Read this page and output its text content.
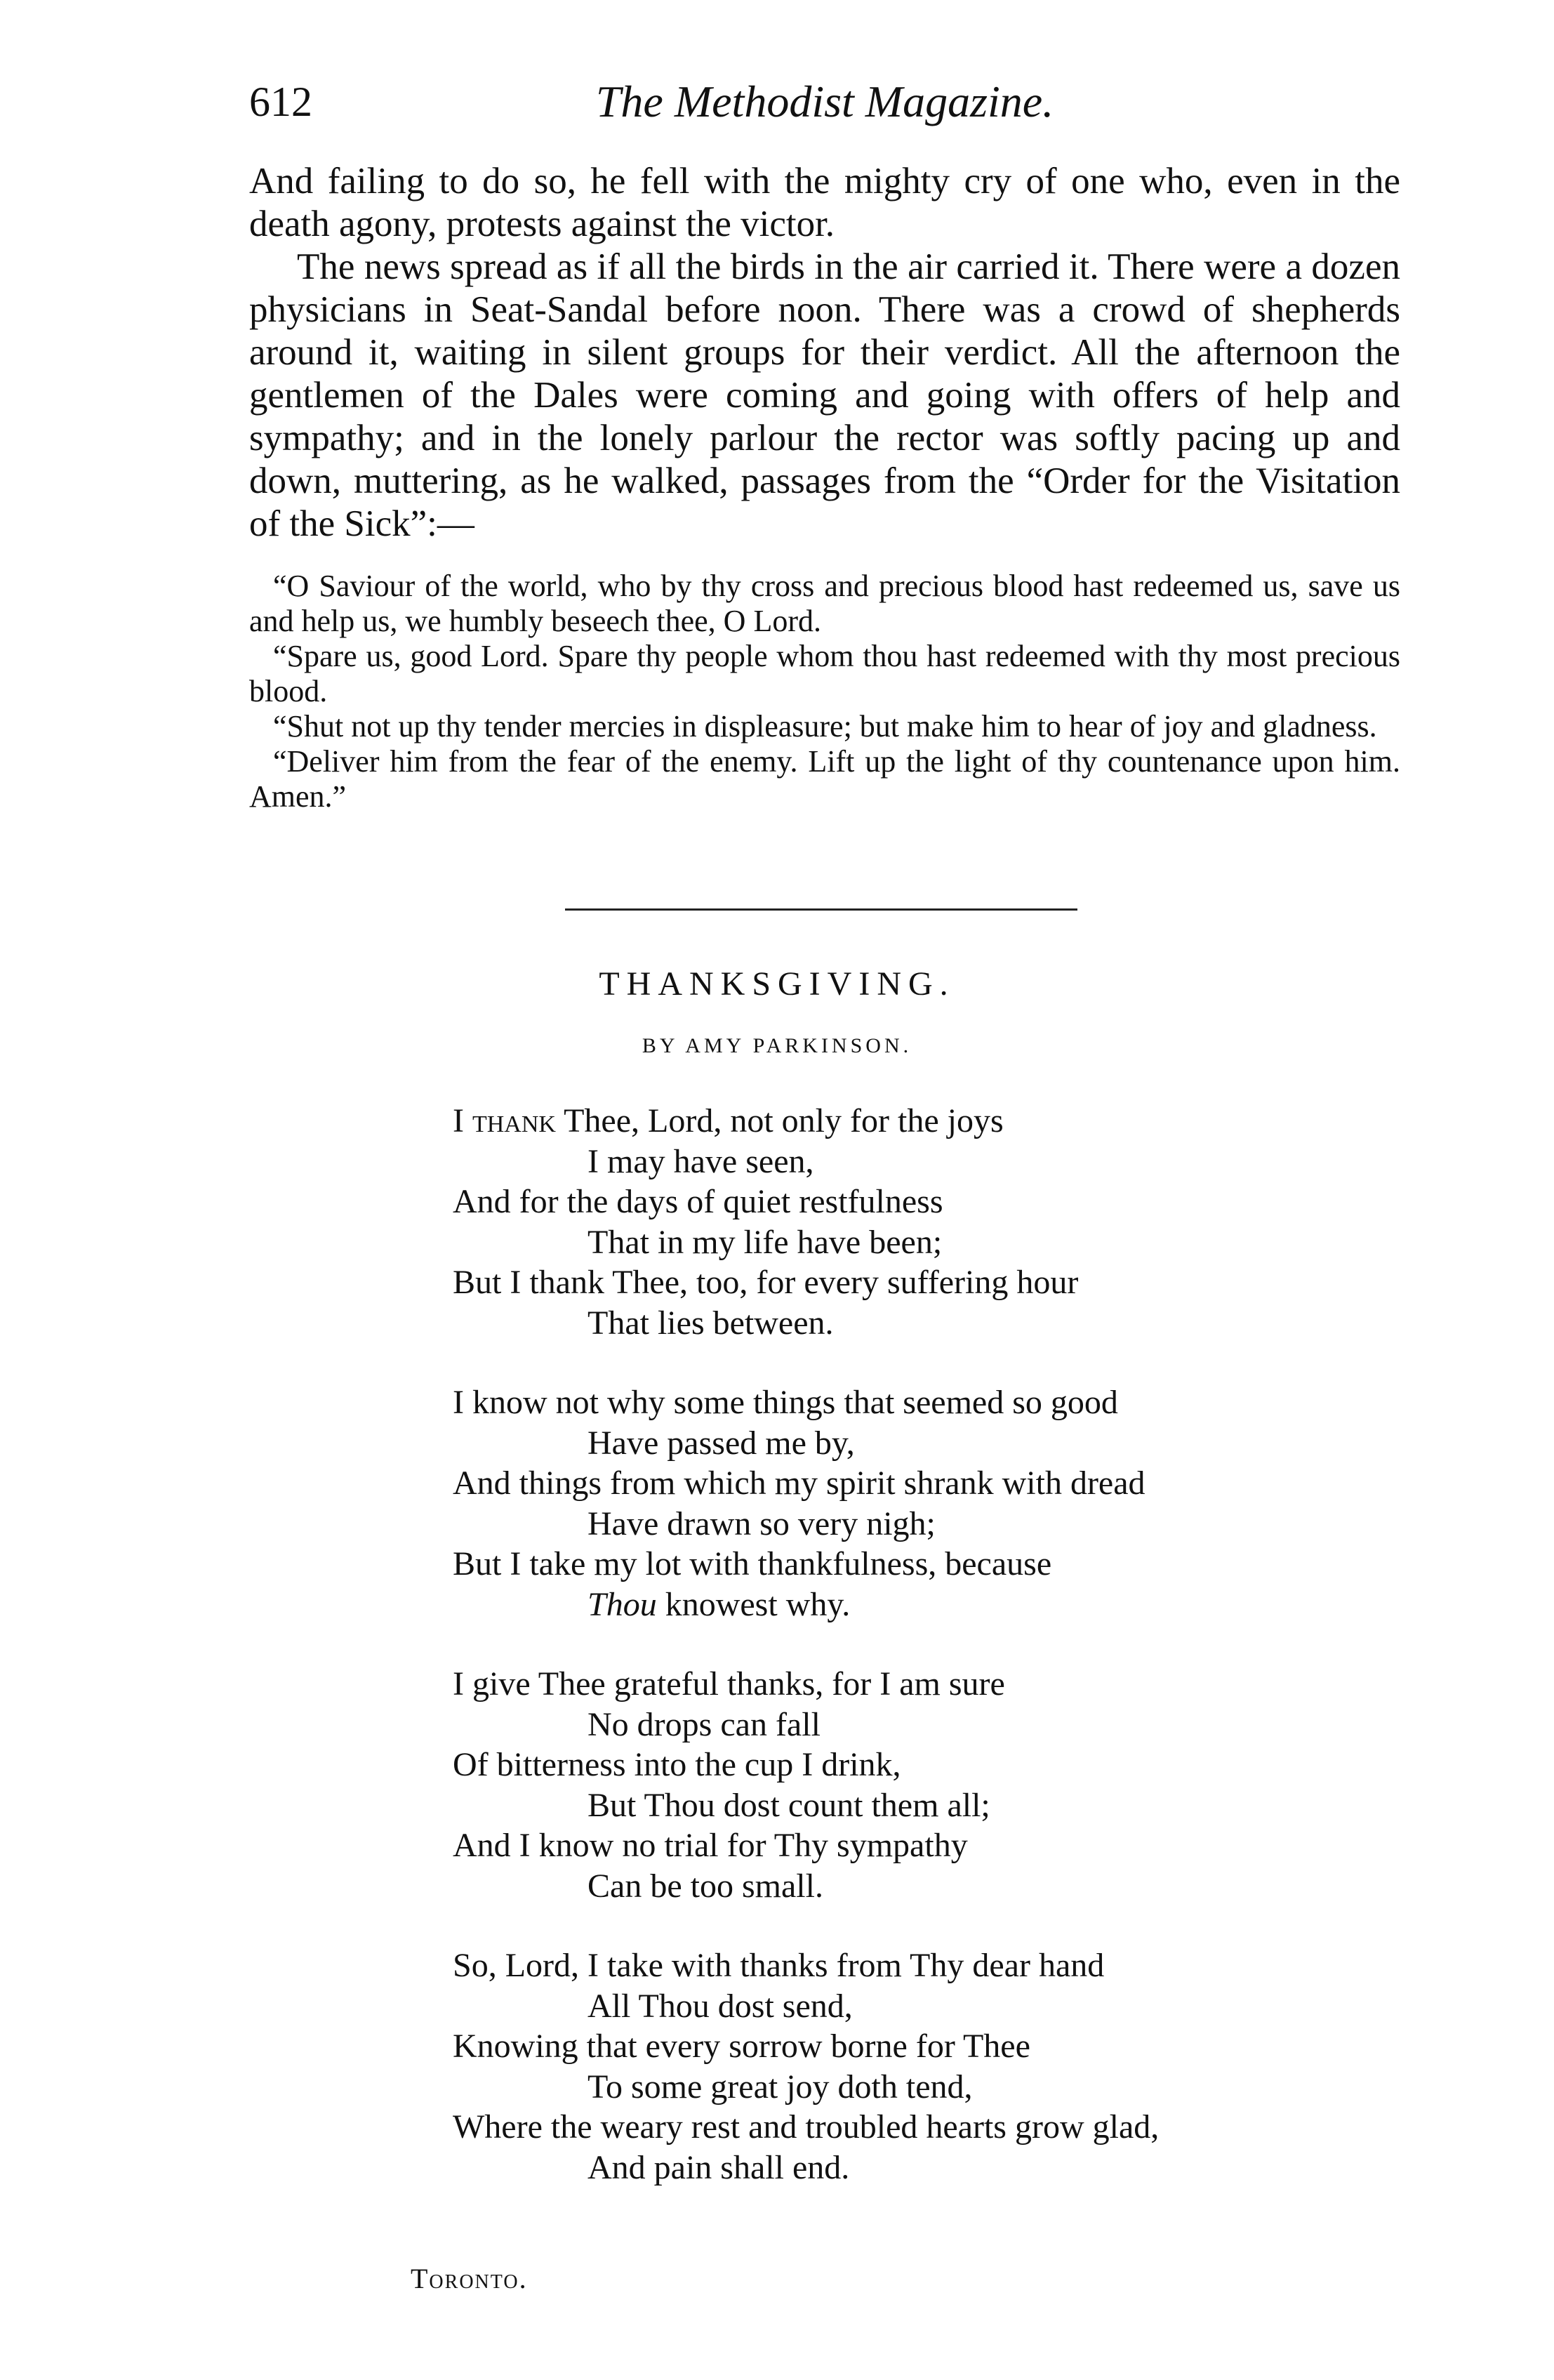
612	The Methodist Magazine.

And failing to do so, he fell with the mighty cry of one who, even in the death agony, protests against the victor.

The news spread as if all the birds in the air carried it. There were a dozen physicians in Seat-Sandal before noon. There was a crowd of shepherds around it, waiting in silent groups for their verdict. All the afternoon the gentlemen of the Dales were coming and going with offers of help and sympathy; and in the lonely parlour the rector was softly pacing up and down, muttering, as he walked, passages from the “Order for the Visitation of the Sick”:—

“O Saviour of the world, who by thy cross and precious blood hast redeemed us, save us and help us, we humbly beseech thee, O Lord.

“Spare us, good Lord. Spare thy people whom thou hast redeemed with thy most precious blood.

“Shut not up thy tender mercies in displeasure; but make him to hear of joy and gladness.

“Deliver him from the fear of the enemy. Lift up the light of thy countenance upon him. Amen.”

THANKSGIVING.
BY AMY PARKINSON.
I thank Thee, Lord, not only for the joys
I may have seen,
And for the days of quiet restfulness
That in my life have been;
But I thank Thee, too, for every suffering hour
That lies between.
I know not why some things that seemed so good
Have passed me by,
And things from which my spirit shrank with dread
Have drawn so very nigh;
But I take my lot with thankfulness, because
Thou knowest why.
I give Thee grateful thanks, for I am sure
No drops can fall
Of bitterness into the cup I drink,
But Thou dost count them all;
And I know no trial for Thy sympathy
Can be too small.
So, Lord, I take with thanks from Thy dear hand
All Thou dost send,
Knowing that every sorrow borne for Thee
To some great joy doth tend,
Where the weary rest and troubled hearts grow glad,
And pain shall end.
Toronto.
